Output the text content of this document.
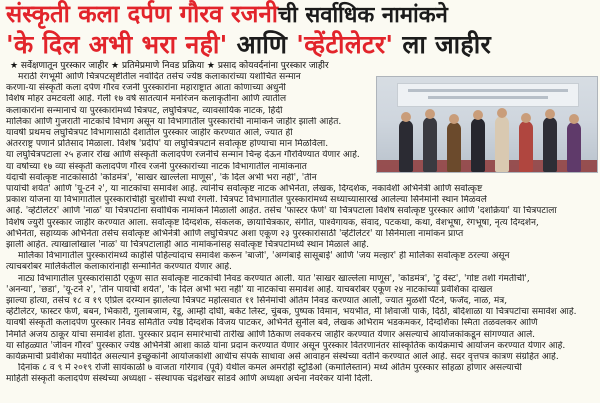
संस्कृती कला दर्पण गौरव रजनीची सर्वाधिक नामांकने
'के दिल अभी भरा नही' आणि 'व्हेंटीलेटर' ला जाहीर
★ सर्वेक्षणातून पुरस्कार जाहीर ★ प्रतिमेप्रमाणे निवड प्रक्रिया ★ प्रसाद कोयवर्दनांना पुरस्कार जाहीर
मराठी रंगभूमी आणि चित्रपटसृष्टीतील नवोदित तसेच ज्येष्ठ कलाकारांच्या यशोचित सन्मान
करणा-या संस्कृती कला दर्पण गौरव रजनी पुरस्कारांना महाराष्ट्रात आता कोणाच्या अधुनी
विशेष मोहर उमटवली आहे. गेली १७ वर्षे सातत्याने मनोरंजन कलाकृतींना आणि त्यातील
कलाकारांना सन्मानाचे या पुरस्कारांमध्ये चित्रपट, लघुचित्रपट, व्यावसायिक नाटक, हिंदी
मालिका आणि गुजराती नाटकांचे विभाग असून या विभागातील पुरस्कारांची नामांकने जाहीर झाली आहेत.
यावर्षी प्रथमच लघुचित्रपट विभागासाठी देशातील पुरस्कार जाहीर करण्यात आले, ज्यात ही
अंतरराष्ट्र पणाने प्रतिसाद मिळाला. विशेष 'प्रदीप' या लघुचित्रपटाने सर्वोत्कृष्ट होण्याचा मान मिळविला.
या लघुचित्रपटाला २५ हजार रोख आणि संस्कृती कलादर्पण रजनीचे सन्मान चिन्ह देऊन गौरविण्यात येणार आहे.
या वर्षाच्या १७ व्या संस्कृती कलादर्पण गौरव रजनी पुरस्कारांच्या नाटक विभागातील नामांकनात
यंदाची सर्वोत्कृष्ट नाटकांसाठी 'कोडमंत्र', 'साखर खाल्लेला माणूस', 'के दिल अभी भरा नही', 'तीन
पायांची शर्यत' आणि 'यू-टर्न २', या नाटकांचा समावेश आहे. त्यांनीच सर्वोत्कृष्ट नाटक अभिनेता, लेखक, दिग्दर्शक, नकावेशी अभिनेत्री आणि सर्वोत्कृष्ट
प्रकाश योजना या विभागातील पुरस्कारांचीही चुरशीची स्पर्धा रंगली. चित्रपट विभागातील पुरस्कारांमध्ये सध्याच्यासारखे आलेल्या सिनेमांनी स्थान मिळवले
आहे. 'व्हेंटीलेटर' आणि 'नाळ' या चित्रपटांना सर्वाधिक नामांकने मिळाली आहेत. तसेच 'फास्टर फेणे' या चित्रपटाला विशेष सर्वोत्कृष्ट पुरस्कार आणि 'दशक्रिया' या चित्रपटाला
विशेष ज्युरी पुरस्कार जाहीर करण्यात आला. सर्वोत्कृष्ट दिग्दर्शक, संकलक, छायाचित्रकार, संगीत, पार्श्वगायक, संवाद, पटकथा, कथा, वेशभूषा, रंगभूषा, नृत्य दिग्दर्शन,
अभिनेता, सहाय्यक अभिनेता तसेच सर्वोत्कृष्ट अभिनेत्री आणि लघुचित्रपट अशा एकूण २३ पुरस्कारांसाठी 'व्हेंटीलेटर' या सिनेमाला नामांकन प्राप्त
झाली आहेत. त्याखालोखाल 'नाळ' या चित्रपटालाही आठ नामांकनांसह सर्वोत्कृष्ट चित्रपटांमध्ये स्थान मिळाले आहे.
मालिका विभागातील पुरस्कारांमध्ये काहीसे पहिल्यांदाच समावेश करून 'बाजी', 'अग्गंबाई सासूबाई' आणि 'जय मल्हार' ही मालिका सर्वोत्कृष्ट ठरल्या असून
त्याचबरोबर मालिकेतील कलाकारांनाही सन्मानित करण्यात येणार आहे.
नाट्य विभागातील पुरस्कारांसाठी एकूण सात सर्वोत्कृष्ट नाटकांची निवड करण्यात आली. यात 'साखर खाल्लेला माणूस', 'कोडमंत्र', 'ट्रू वेस्ट', 'गोष्ट तशी गंमतीची',
'अनन्या', 'छडा', 'यू-टर्न २', 'तीन पायांची शर्यत', 'के दिल अभी भरा नही' या नाटकांचा समावेश आहे. याचबरोबर एकूण २४ नाटकांच्या प्रवेशिका दाखल
झाल्या होत्या, तसेच १८ व १९ एप्रिल दरम्यान झालेल्या चित्रपट महोत्सवात ११ सिनेमांची अंतिम निवड करण्यात आली, ज्यात मुळशी पॅटर्न, फर्जंद, नाळ, मंत्र,
व्हेंटीलेटर, फास्टर फेणे, बबन, भिकारी, गुलाबजाम, रेडू, आम्ही दोघी, बकेट लिस्ट, चुंबक, पुष्पक विमान, भयभीत, मी शिवाजी पार्क, दिठी, बंदिशाळा या चित्रपटांचा समावेश आहे.
यावर्षी संस्कृती कलादर्पण पुरस्कार निवड समितीत ज्येष्ठ दिग्दर्शक विजय पाटकर, अभिनेते सुनील बर्वे, लेखक अभिराम भडकमकर, दिग्दर्शिका स्मिता तळवलकर आणि
निर्माते अजय ठाकूर यांचा समावेश होता. पुरस्कार प्रदान समारंभाची तारीख आणि ठिकाण लवकरच जाहीर करण्यात येणार असल्याचे आयोजकांकडून सांगण्यात आले.
या सोहळ्यात 'जीवन गौरव' पुरस्कार ज्येष्ठ अभिनेत्री आशा काळे यांना प्रदान करण्यात येणार असून पुरस्कार वितरणानंतर सांस्कृतिक कार्यक्रमाचे आयोजन करण्यात येणार आहे.
कार्यक्रमाची प्रवेशिका मर्यादित असल्याने इच्छुकांनी आयोजकांशी आधीच संपर्क साधावा असे आवाहन संस्थेच्या वतीने करण्यात आले आहे. सदर वृत्तपत्र कात्रण संग्रहित आहे.
दिनांक ८ व ९ मे २०१९ रोजी सायंकाळी ७ वाजता गोरेगाव (पूर्व) येथील कमल अमरोही स्टुडिओ (कमालिस्तान) मध्ये अंतिम पुरस्कार सोहळा होणार असल्याची
माहिती संस्कृती कलादर्पण संस्थेच्या अध्यक्षा - संस्थापक चंद्रशेखर सांडवे आणि अध्यक्षा अर्चना नेवरेकर यांनी दिली.
